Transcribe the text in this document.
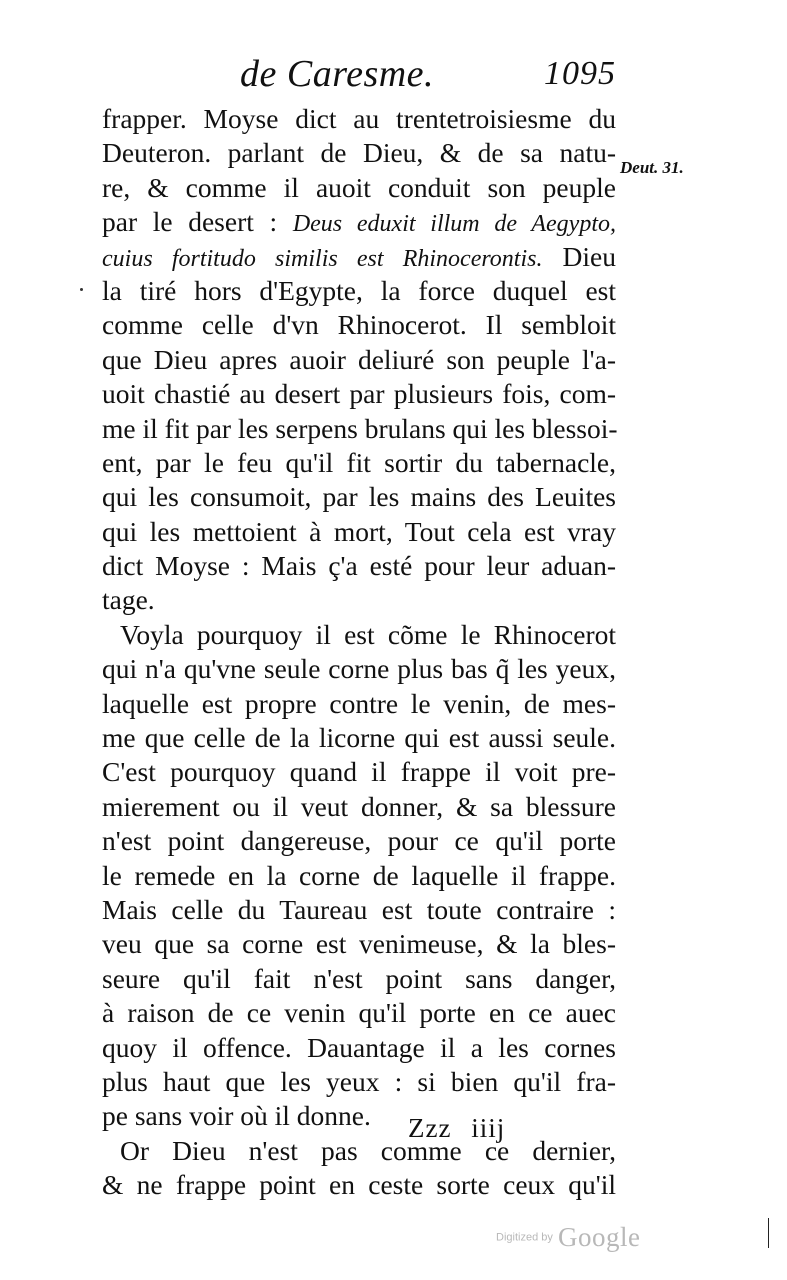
de Caresme.	1095
Deut. 31.
frapper. Moyse dict au trentetroisiesme du
Deuteron. parlant de Dieu, & de sa natu-
re, & comme il auoit conduit son peuple
par le desert : Deus eduxit illum de Aegypto,
cuius fortitudo similis est Rhinocerontis. Dieu
la tiré hors d'Egypte, la force duquel est
comme celle d'vn Rhinocerot. Il sembloit
que Dieu apres auoir deliuré son peuple l'a-
uoit chastié au desert par plusieurs fois, com-
me il fit par les serpens brulans qui les blessoi-
ent, par le feu qu'il fit sortir du tabernacle,
qui les consumoit, par les mains des Leuites
qui les mettoient à mort, Tout cela est vray
dict Moyse : Mais ç'a esté pour leur aduan-
tage.
Voyla pourquoy il est cõme le Rhinocerot
qui n'a qu'vne seule corne plus bas q̃ les yeux,
laquelle est propre contre le venin, de mes-
me que celle de la licorne qui est aussi seule.
C'est pourquoy quand il frappe il voit pre-
mierement ou il veut donner, & sa blessure
n'est point dangereuse, pour ce qu'il porte
le remede en la corne de laquelle il frappe.
Mais celle du Taureau est toute contraire :
veu que sa corne est venimeuse, & la bles-
seure qu'il fait n'est point sans danger,
à raison de ce venin qu'il porte en ce auec
quoy il offence. Dauantage il a les cornes
plus haut que les yeux : si bien qu'il fra-
pe sans voir où il donne.
Or Dieu n'est pas comme ce dernier,
& ne frappe point en ceste sorte ceux qu'il
Zzz iiij
Digitized by Google
